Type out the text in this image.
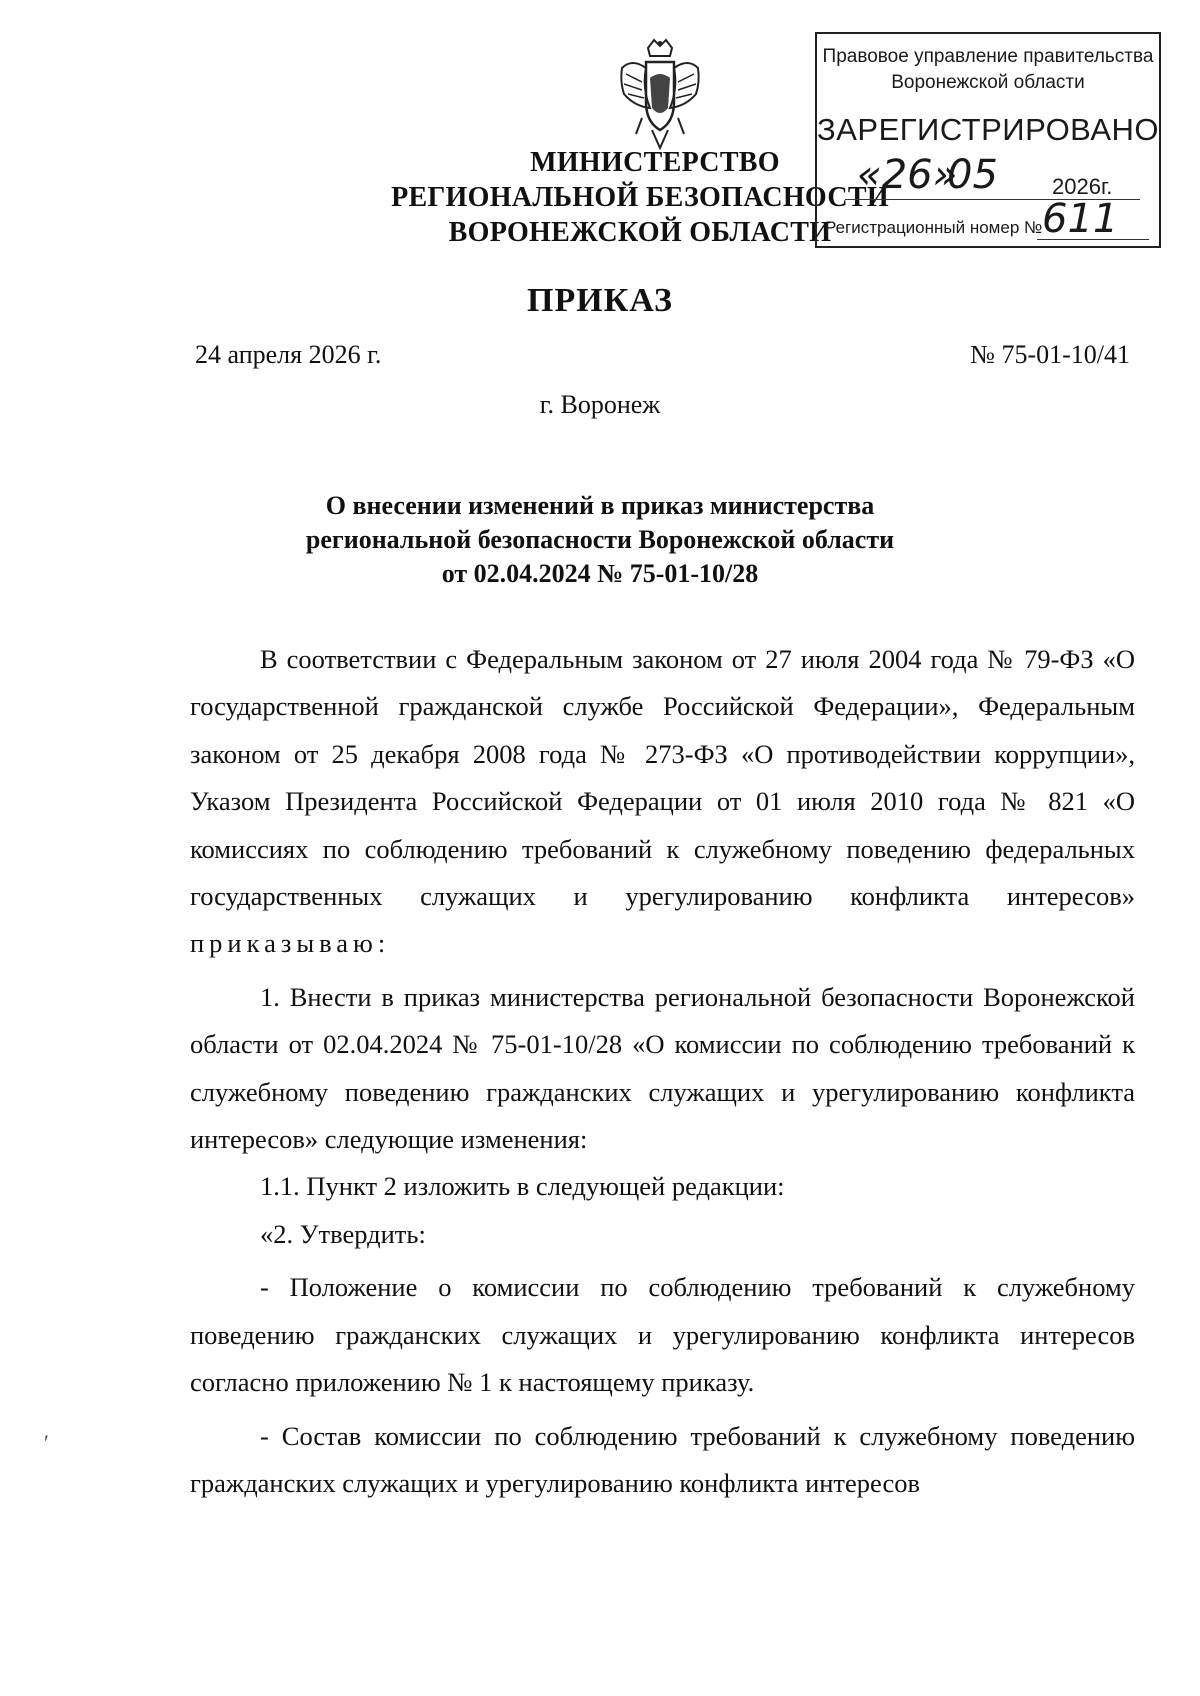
МИНИСТЕРСТВО
РЕГИОНАЛЬНОЙ БЕЗОПАСНОСТИ
ВОРОНЕЖСКОЙ ОБЛАСТИ
Правовое управление правительства
Воронежской области
ЗАРЕГИСТРИРОВАНО
«26»
05 2026г.
Регистрационный номер № 611
ПРИКАЗ
24 апреля 2026 г.	№ 75-01-10/41
г. Воронеж
О внесении изменений в приказ министерства
региональной безопасности Воронежской области
от 02.04.2024 № 75-01-10/28

В соответствии с Федеральным законом от 27 июля 2004 года № 79-ФЗ «О государственной гражданской службе Российской Федерации», Федеральным законом от 25 декабря 2008 года № 273-ФЗ «О противодействии коррупции», Указом Президента Российской Федерации от 01 июля 2010 года № 821 «О комиссиях по соблюдению требований к служебному поведению федеральных государственных служащих и урегулированию конфликта интересов» приказываю:

1. Внести в приказ министерства региональной безопасности Воронежской области от 02.04.2024 № 75-01-10/28 «О комиссии по соблюдению требований к служебному поведению гражданских служащих и урегулированию конфликта интересов» следующие изменения:

1.1. Пункт 2 изложить в следующей редакции:

«2. Утвердить:

- Положение о комиссии по соблюдению требований к служебному поведению гражданских служащих и урегулированию конфликта интересов согласно приложению № 1 к настоящему приказу.

- Состав комиссии по соблюдению требований к служебному поведению гражданских служащих и урегулированию конфликта интересов

′
